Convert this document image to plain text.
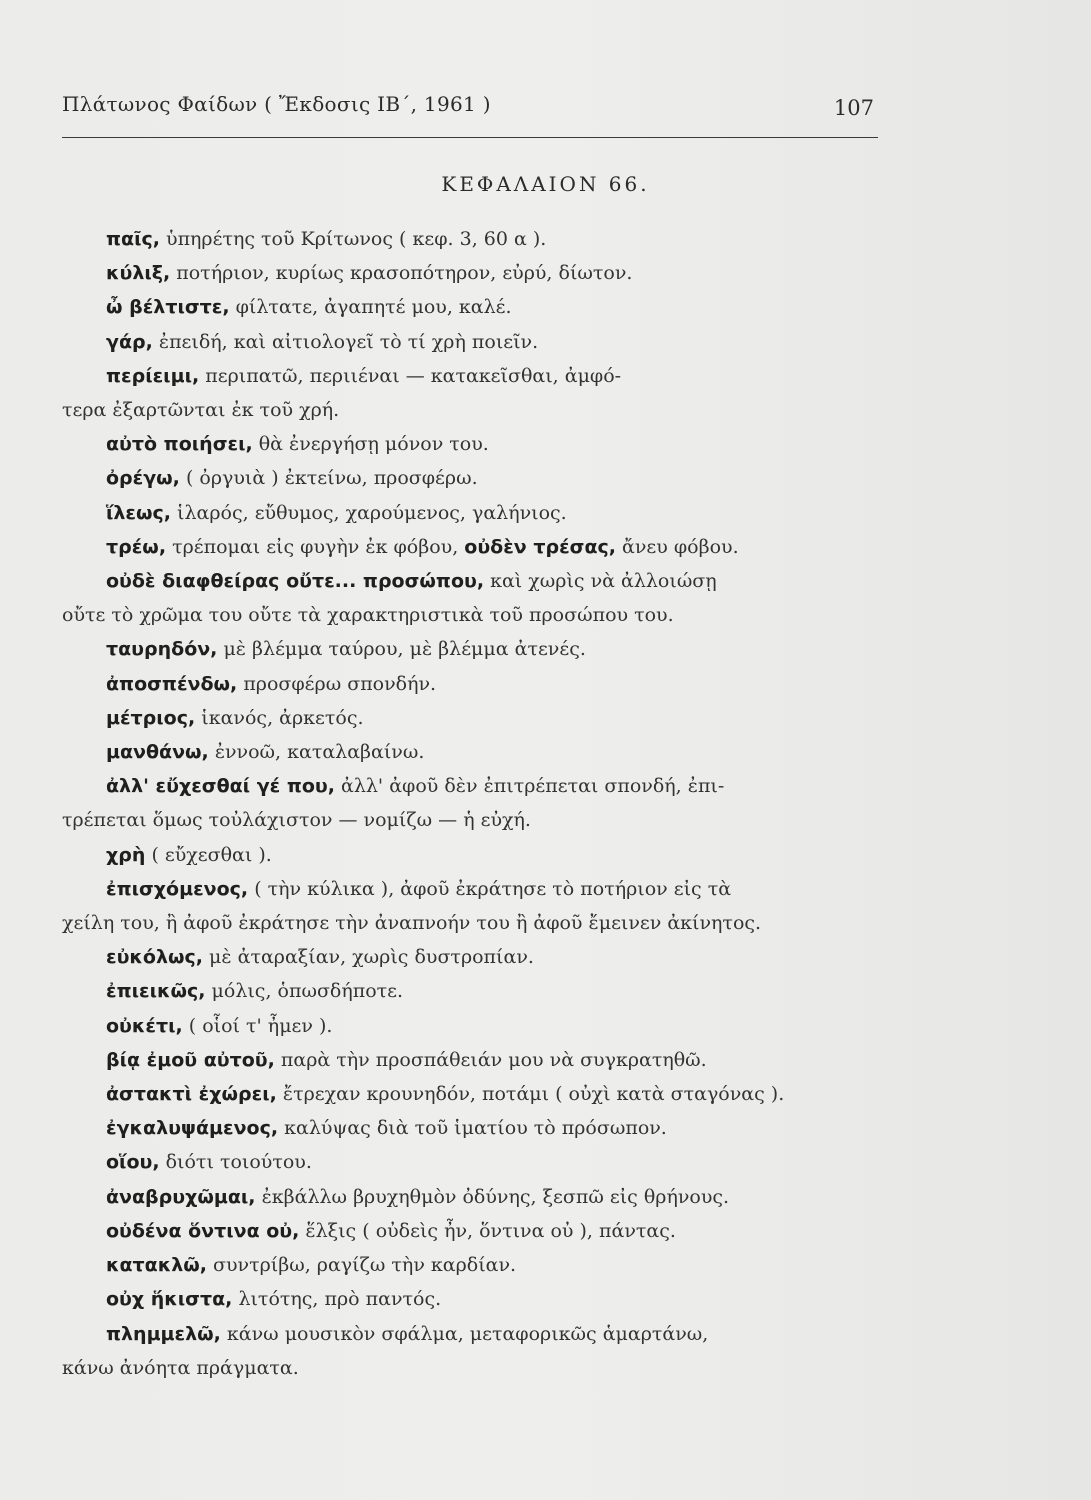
Πλάτωνος Φαίδων ( Ἔκδοσις ΙΒ΄, 1961 )	107
ΚΕΦΑΛΑΙΟΝ 66.
παῖς, ὑπηρέτης τοῦ Κρίτωνος ( κεφ. 3, 60 α ).
κύλιξ, ποτήριον, κυρίως κρασοπότηρον, εὐρύ, δίωτον.
ὦ βέλτιστε, φίλτατε, ἀγαπητέ μου, καλέ.
γάρ, ἐπειδή, καὶ αἰτιολογεῖ τὸ τί χρὴ ποιεῖν.
περίειμι, περιπατῶ, περιιέναι — κατακεῖσθαι, ἀμφό-
τερα ἐξαρτῶνται ἐκ τοῦ χρή.
αὐτὸ ποιήσει, θὰ ἐνεργήσῃ μόνον του.
ὀρέγω, ( ὀργυιὰ ) ἐκτείνω, προσφέρω.
ἵλεως, ἱλαρός, εὔθυμος, χαρούμενος, γαλήνιος.
τρέω, τρέπομαι εἰς φυγὴν ἐκ φόβου, οὐδὲν τρέσας, ἄνευ φόβου.
οὐδὲ διαφθείρας οὔτε... προσώπου, καὶ χωρὶς νὰ ἀλλοιώσῃ
οὔτε τὸ χρῶμα του οὔτε τὰ χαρακτηριστικὰ τοῦ προσώπου του.
ταυρηδόν, μὲ βλέμμα ταύρου, μὲ βλέμμα ἀτενές.
ἀποσπένδω, προσφέρω σπονδήν.
μέτριος, ἱκανός, ἀρκετός.
μανθάνω, ἐννοῶ, καταλαβαίνω.
ἀλλ' εὔχεσθαί γέ που, ἀλλ' ἀφοῦ δὲν ἐπιτρέπεται σπονδή, ἐπι-
τρέπεται ὅμως τοὐλάχιστον — νομίζω — ἡ εὐχή.
χρὴ ( εὔχεσθαι ).
ἐπισχόμενος, ( τὴν κύλικα ), ἀφοῦ ἐκράτησε τὸ ποτήριον εἰς τὰ
χείλη του, ἢ ἀφοῦ ἐκράτησε τὴν ἀναπνοήν του ἢ ἀφοῦ ἔμεινεν ἀκίνητος.
εὐκόλως, μὲ ἀταραξίαν, χωρὶς δυστροπίαν.
ἐπιεικῶς, μόλις, ὁπωσδήποτε.
οὐκέτι, ( οἷοί τ' ἦμεν ).
βίᾳ ἐμοῦ αὐτοῦ, παρὰ τὴν προσπάθειάν μου νὰ συγκρατηθῶ.
ἀστακτὶ ἐχώρει, ἔτρεχαν κρουνηδόν, ποτάμι ( οὐχὶ κατὰ σταγόνας ).
ἐγκαλυψάμενος, καλύψας διὰ τοῦ ἱματίου τὸ πρόσωπον.
οἵου, διότι τοιούτου.
ἀναβρυχῶμαι, ἐκβάλλω βρυχηθμὸν ὀδύνης, ξεσπῶ εἰς θρήνους.
οὐδένα ὅντινα οὐ, ἕλξις ( οὐδεὶς ἦν, ὅντινα οὐ ), πάντας.
κατακλῶ, συντρίβω, ραγίζω τὴν καρδίαν.
οὐχ ἥκιστα, λιτότης, πρὸ παντός.
πλημμελῶ, κάνω μουσικὸν σφάλμα, μεταφορικῶς ἁμαρτάνω,
κάνω ἀνόητα πράγματα.
